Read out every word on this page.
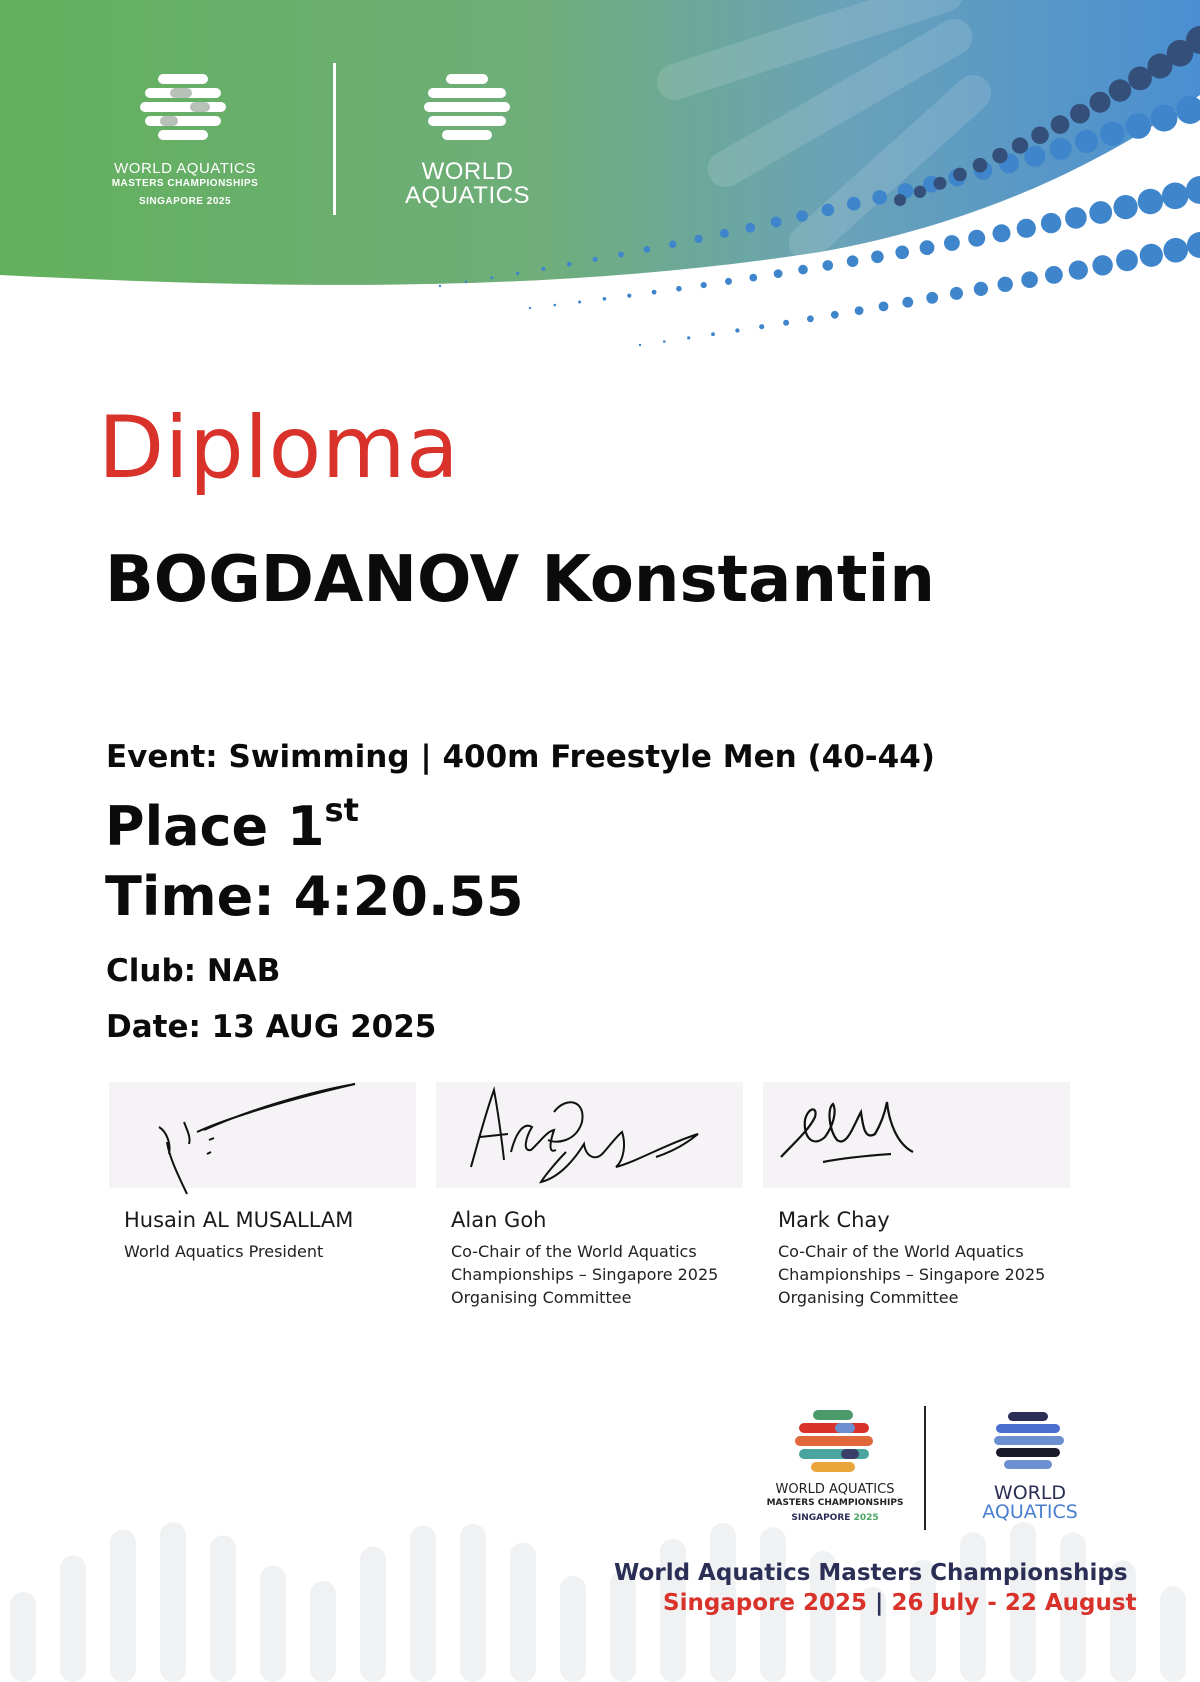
WORLD AQUATICS
MASTERS CHAMPIONSHIPS
SINGAPORE 2025
WORLD
AQUATICS
Diploma
BOGDANOV Konstantin
Event: Swimming | 400m Freestyle Men (40-44)
Place 1st
Time: 4:20.55
Club: NAB
Date: 13 AUG 2025
Husain AL MUSALLAM
World Aquatics President
Alan Goh
Co-Chair of the World Aquatics
Championships – Singapore 2025
Organising Committee
Mark Chay
Co-Chair of the World Aquatics
Championships – Singapore 2025
Organising Committee
WORLD AQUATICS
MASTERS CHAMPIONSHIPS
SINGAPORE 2025
WORLD
AQUATICS
World Aquatics Masters Championships
Singapore 2025 | 26 July - 22 August
